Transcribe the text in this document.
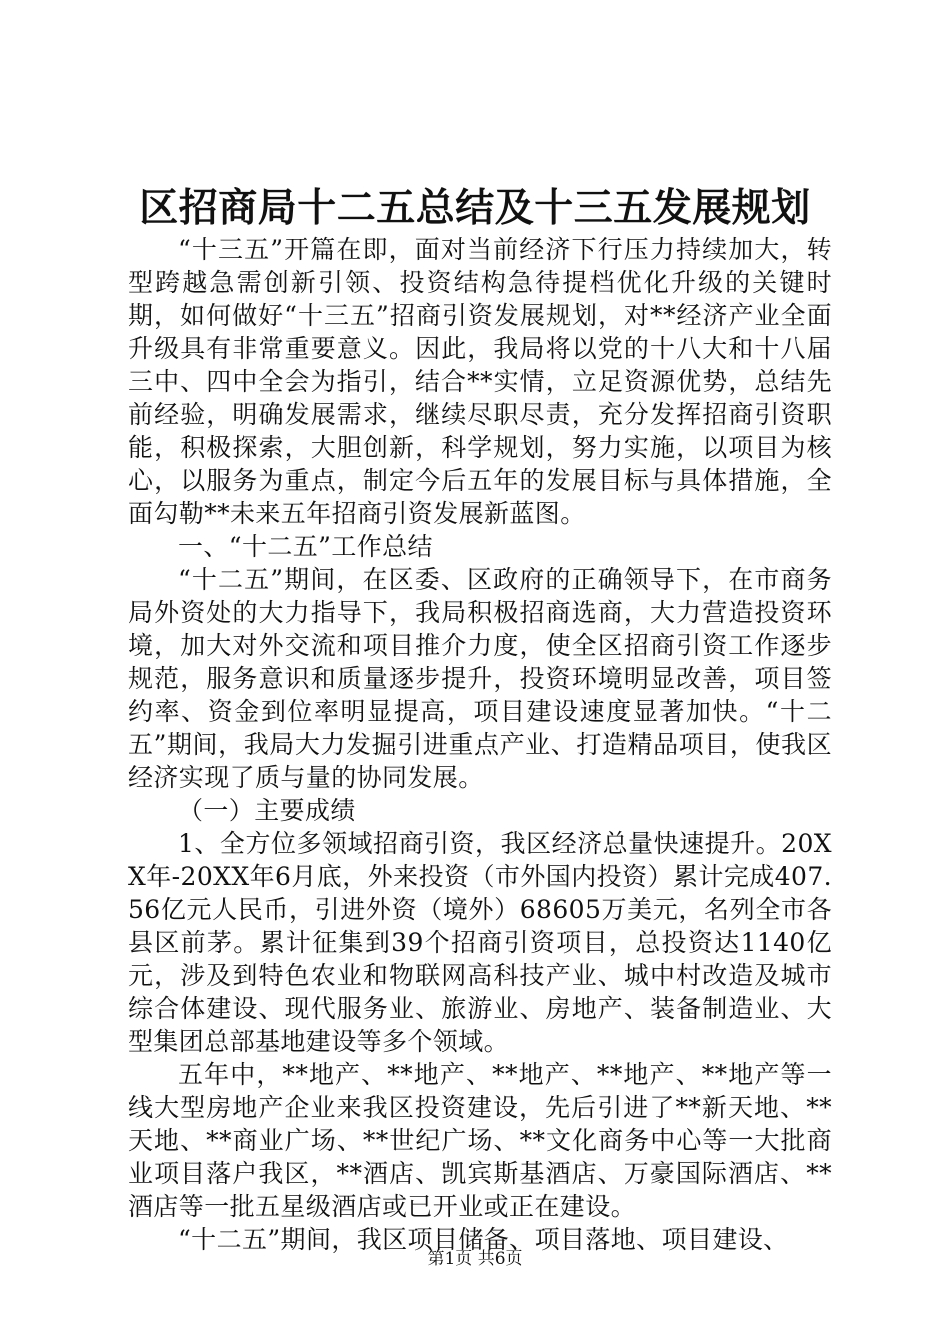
区招商局十二五总结及十三五发展规划

“十三五”开篇在即，面对当前经济下行压力持续加大，转型跨越急需创新引领、投资结构急待提档优化升级的关键时期，如何做好“十三五”招商引资发展规划，对**经济产业全面升级具有非常重要意义。因此，我局将以党的十八大和十八届三中、四中全会为指引，结合**实情，立足资源优势，总结先前经验，明确发展需求，继续尽职尽责，充分发挥招商引资职能，积极探索，大胆创新，科学规划，努力实施，以项目为核心，以服务为重点，制定今后五年的发展目标与具体措施，全面勾勒**未来五年招商引资发展新蓝图。

一、“十二五”工作总结

“十二五”期间，在区委、区政府的正确领导下，在市商务局外资处的大力指导下，我局积极招商选商，大力营造投资环境，加大对外交流和项目推介力度，使全区招商引资工作逐步规范，服务意识和质量逐步提升，投资环境明显改善，项目签约率、资金到位率明显提高，项目建设速度显著加快。“十二五”期间，我局大力发掘引进重点产业、打造精品项目，使我区经济实现了质与量的协同发展。

（一）主要成绩

1、全方位多领域招商引资，我区经济总量快速提升。20XX年-20XX年6月底，外来投资（市外国内投资）累计完成407.56亿元人民币，引进外资（境外）68605万美元，名列全市各县区前茅。累计征集到39个招商引资项目，总投资达1140亿元，涉及到特色农业和物联网高科技产业、城中村改造及城市综合体建设、现代服务业、旅游业、房地产、装备制造业、大型集团总部基地建设等多个领域。

五年中，**地产、**地产、**地产、**地产、**地产等一线大型房地产企业来我区投资建设，先后引进了**新天地、**天地、**商业广场、**世纪广场、**文化商务中心等一大批商业项目落户我区，**酒店、凯宾斯基酒店、万豪国际酒店、**酒店等一批五星级酒店或已开业或正在建设。

“十二五”期间，我区项目储备、项目落地、项目建设、

第1页 共6页
